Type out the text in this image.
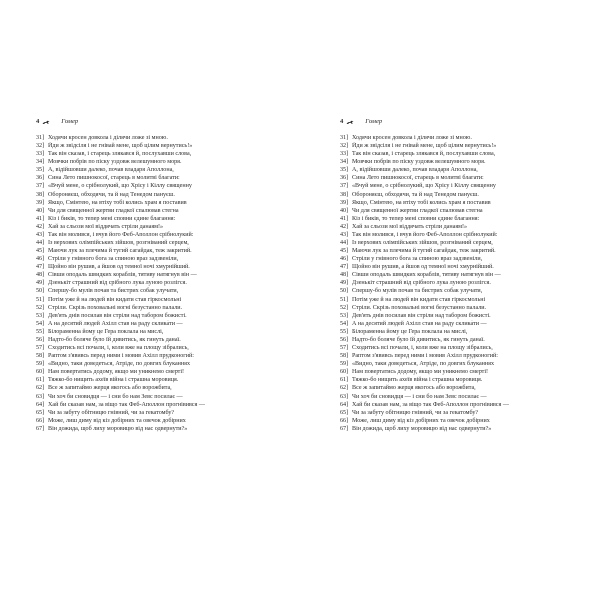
4	Гомер
31] Ходячи кросен довкола і ділячи ложе зі мною.
32] Йди ж звідсіля і не гнівай мене, щоб цілим вернутись!»
33] Так він сказав, і старець злякався й, послухавши слова,
34] Мовчки побрів по піску уздовж велешумного моря.
35] А, відійшовши далеко, почав владаря Аполлона,
36] Сина Лето пишнокосої, старець в молитві благати:
37] «Вчуй мене, о срібнолукий, що Хрісу і Кіллу священну
38] Обороняєш, обходячи, та й над Тенедом пануєш.
39] Якщо, Смінтею, на втіху тобі колись храм я поставив
40] Чи для священної жертви гладкої спалював стегна
41] Кіз і биків, то тепер мені сповни єдине благання:
42] Хай за сльози мої віддячать стріли данаям!»
43] Так він молився, і вчув його Феб-Аполлон срібнолукий:
44] Із верхових олімпійських зійшов, розгніваний серцем,
45] Маючи лук за плечима й тугий сагайдак, теж закритий.
46] Стріли у гнівного бога за спиною враз задзвеніли,
47] Щойно він рушив, а йшов од темної ночі хмурнійший.
48] Сівши оподаль швидких кораблів, тятиву натягнув він —
49] Дзенькіт страшний від срібного лука луною розлігся.
50] Спершу-бо мулів почав та бистрих собак улучати,
51] Потім уже й на людей він кидати став гіркосмольні
52] Стріли. Скрізь поховальні вогні безустанно палали.
53] Дев'ять днів посилав він стріли над табором божисті.
54] А на десятий людей Ахілл став на раду склика́ти —
55] Білораменна йому це Гера поклала на мислі,
56] Надто-бо боляче було їй дивитись, як гинуть данаї.
57] Сходитись всі почали, і, коли вже на площу зібрались,
58] Раптом з'явивсь перед ними і мовив Ахілл прудконогий:
59] «Видно, таки доведеться, Атріде, по довгих блуканнях
60] Нам повертатись додому, якщо ми уникнемо смерті!
61] Тяжко-бо нищить ахеїв війна і страшна моровиця.
62] Все ж запитаймо жерця якогось або ворожбита,
63] Чи хоч би сновидця — і сни бо нам Зевс посилає —
64] Хай би сказав нам, за віщо так Феб-Аполлон прогнівився —
65] Чи за забуту обітницю гнівний, чи за гекатомбу?
66] Може, лиш диму від кіз добірних та овечок добірних
67] Він дожида, щоб лиху моровицю від нас одвернути?»
4	Гомер
31] Ходячи кросен довкола і ділячи ложе зі мною.
32] Йди ж звідсіля і не гнівай мене, щоб цілим вернутись!»
33] Так він сказав, і старець злякався й, послухавши слова,
34] Мовчки побрів по піску уздовж велешумного моря.
35] А, відійшовши далеко, почав владаря Аполлона,
36] Сина Лето пишнокосої, старець в молитві благати:
37] «Вчуй мене, о срібнолукий, що Хрісу і Кіллу священну
38] Обороняєш, обходячи, та й над Тенедом пануєш.
39] Якщо, Смінтею, на втіху тобі колись храм я поставив
40] Чи для священної жертви гладкої спалював стегна
41] Кіз і биків, то тепер мені сповни єдине благання:
42] Хай за сльози мої віддячать стріли данаям!»
43] Так він молився, і вчув його Феб-Аполлон срібнолукий:
44] Із верхових олімпійських зійшов, розгніваний серцем,
45] Маючи лук за плечима й тугий сагайдак, теж закритий.
46] Стріли у гнівного бога за спиною враз задзвеніли,
47] Щойно він рушив, а йшов од темної ночі хмурнійший.
48] Сівши оподаль швидких кораблів, тятиву натягнув він —
49] Дзенькіт страшний від срібного лука луною розлігся.
50] Спершу-бо мулів почав та бистрих собак улучати,
51] Потім уже й на людей він кидати став гіркосмольні
52] Стріли. Скрізь поховальні вогні безустанно палали.
53] Дев'ять днів посилав він стріли над табором божисті.
54] А на десятий людей Ахілл став на раду склика́ти —
55] Білораменна йому це Гера поклала на мислі,
56] Надто-бо боляче було їй дивитись, як гинуть данаї.
57] Сходитись всі почали, і, коли вже на площу зібрались,
58] Раптом з'явивсь перед ними і мовив Ахілл прудконогий:
59] «Видно, таки доведеться, Атріде, по довгих блуканнях
60] Нам повертатись додому, якщо ми уникнемо смерті!
61] Тяжко-бо нищить ахеїв війна і страшна моровиця.
62] Все ж запитаймо жерця якогось або ворожбита,
63] Чи хоч би сновидця — і сни бо нам Зевс посилає —
64] Хай би сказав нам, за віщо так Феб-Аполлон прогнівився —
65] Чи за забуту обітницю гнівний, чи за гекатомбу?
66] Може, лиш диму від кіз добірних та овечок добірних
67] Він дожида, щоб лиху моровицю від нас одвернути?»
